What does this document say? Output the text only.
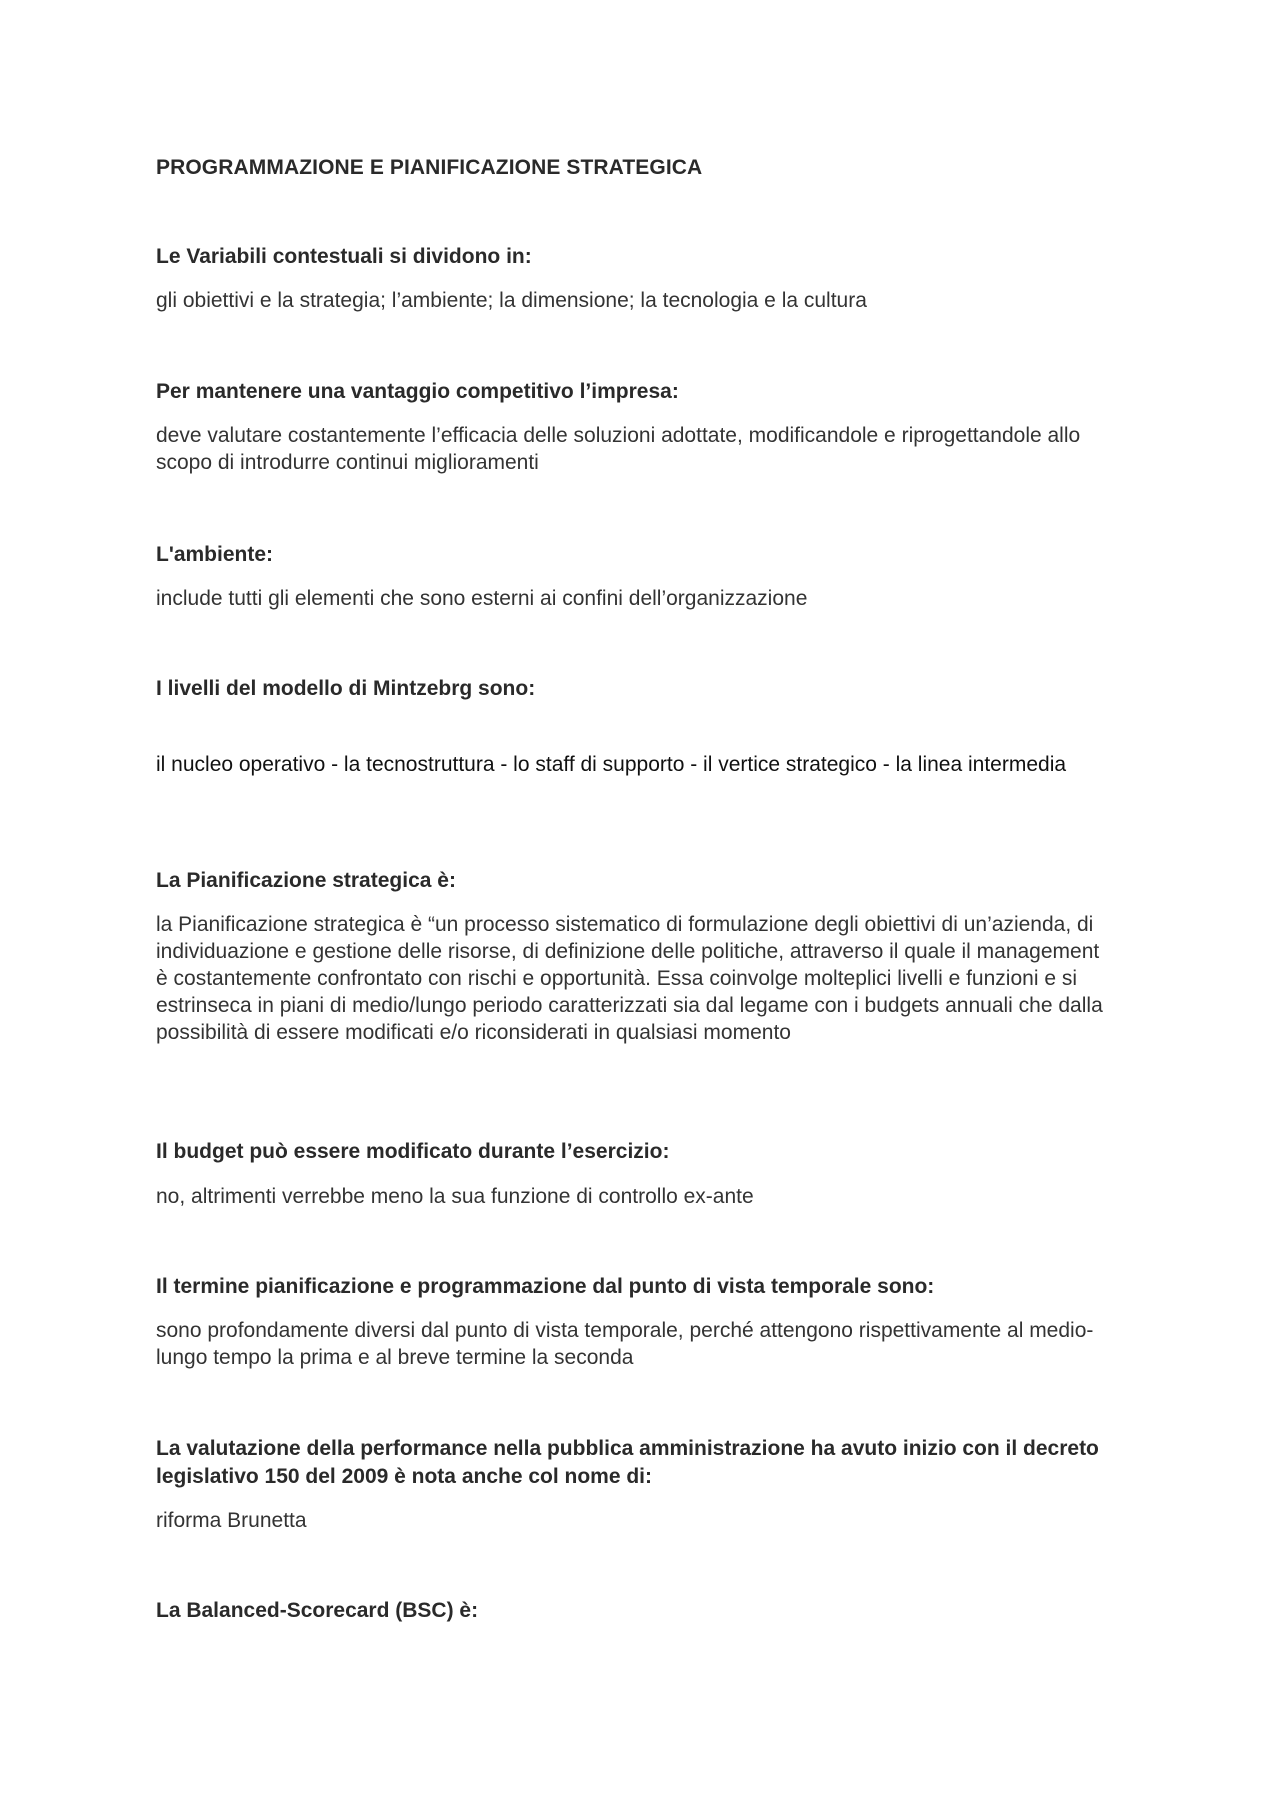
PROGRAMMAZIONE E PIANIFICAZIONE STRATEGICA
Le Variabili contestuali si dividono in:
gli obiettivi e la strategia; l’ambiente; la dimensione; la tecnologia e la cultura
Per mantenere una vantaggio competitivo l’impresa:
deve valutare costantemente l’efficacia delle soluzioni adottate, modificandole e riprogettandole allo scopo di introdurre continui miglioramenti
L'ambiente:
include tutti gli elementi che sono esterni ai confini dell’organizzazione
I livelli del modello di Mintzebrg sono:
il nucleo operativo - la tecnostruttura - lo staff di supporto - il vertice strategico - la linea intermedia
La Pianificazione strategica è:
la Pianificazione strategica è “un processo sistematico di formulazione degli obiettivi di un’azienda, di individuazione e gestione delle risorse, di definizione delle politiche, attraverso il quale il management è costantemente confrontato con rischi e opportunità. Essa coinvolge molteplici livelli e funzioni e si estrinseca in piani di medio/lungo periodo caratterizzati sia dal legame con i budgets annuali che dalla possibilità di essere modificati e/o riconsiderati in qualsiasi momento
Il budget può essere modificato durante l’esercizio:
no, altrimenti verrebbe meno la sua funzione di controllo ex-ante
Il termine pianificazione e programmazione dal punto di vista temporale sono:
sono profondamente diversi dal punto di vista temporale, perché attengono rispettivamente al medio-lungo tempo la prima e al breve termine la seconda
La valutazione della performance nella pubblica amministrazione ha avuto inizio con il decreto legislativo 150 del 2009 è nota anche col nome di:
riforma Brunetta
La Balanced-Scorecard (BSC) è:
